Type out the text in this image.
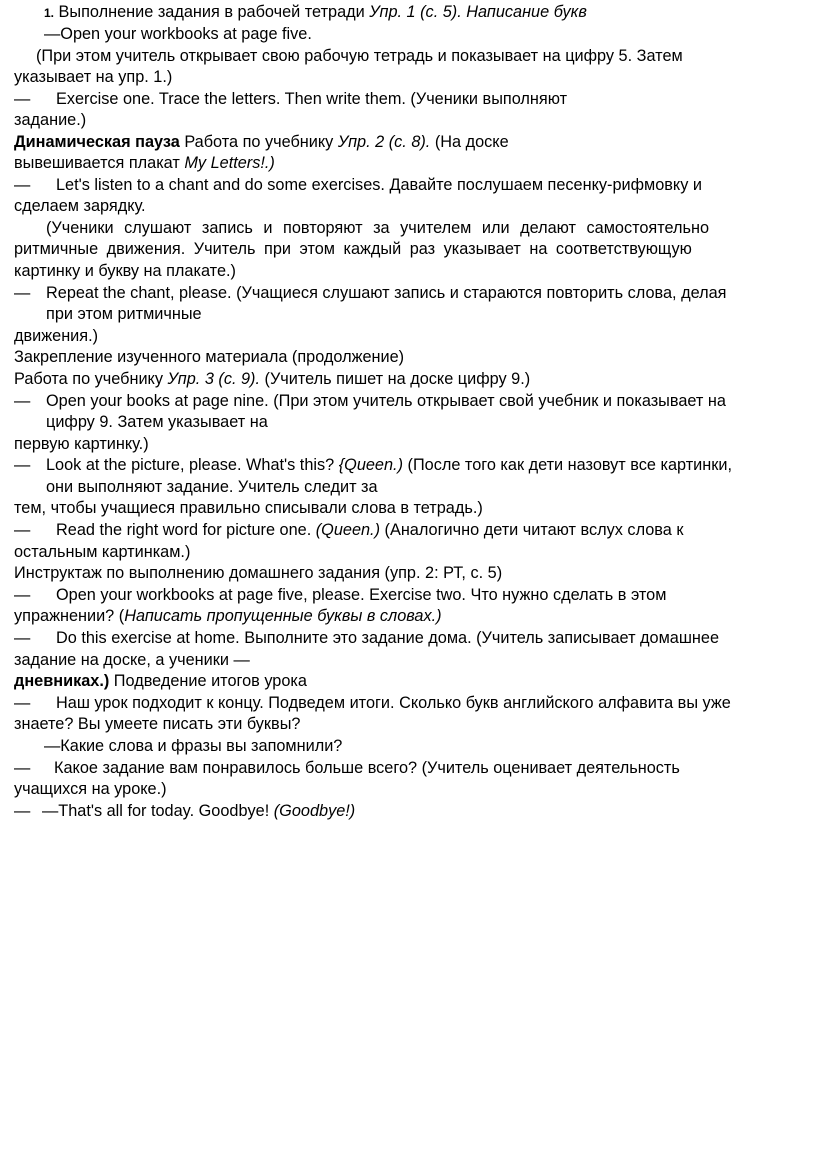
1. Выполнение задания в рабочей тетради Упр. 1 (с. 5). Написание букв
—Open your workbooks at page five.
(При этом учитель открывает свою рабочую тетрадь и показывает на цифру 5. Затем
указывает на упр. 1.)
— Exercise one. Trace the letters. Then write them. (Ученики выполняют
задание.)
Динамическая пауза Работа по учебнику Упр. 2 (с. 8). (На доске
вывешивается плакат My Letters!.)
— Let's listen to a chant and do some exercises. Давайте послушаем песенку-рифмовку и
сделаем зарядку.
(Ученики слушают запись и повторяют за учителем или делают самостоятельно
ритмичные движения. Учитель при этом каждый раз указывает на соответствующую
картинку и букву на плакате.)
— Repeat the chant, please. (Учащиеся слушают запись и стараются повторить слова, делая
при этом ритмичные
движения.)
Закрепление изученного материала (продолжение)
Работа по учебнику Упр. 3 (с. 9). (Учитель пишет на доске цифру 9.)
— Open your books at page nine. (При этом учитель открывает свой учебник и показывает на
цифру 9. Затем указывает на
первую картинку.)
— Look at the picture, please. What's this? {Queen.) (После того как дети назовут все картинки,
они выполняют задание. Учитель следит за
тем, чтобы учащиеся правильно списывали слова в тетрадь.)
— Read the right word for picture one. (Queen.) (Аналогично дети читают вслух слова к
остальным картинкам.)
Инструктаж по выполнению домашнего задания (упр. 2: РТ, с. 5)
— Open your workbooks at page five, please. Exercise two. Что нужно сделать в этом
упражнении? (Написать пропущенные буквы в словах.)
— Do this exercise at home. Выполните это задание дома. (Учитель записывает домашнее
задание на доске, а ученики —
дневниках.) Подведение итогов урока
— Наш урок подходит к концу. Подведем итоги. Сколько букв английского алфавита вы уже
знаете? Вы умеете писать эти буквы?
—Какие слова и фразы вы запомнили?
— Какое задание вам понравилось больше всего? (Учитель оценивает деятельность
учащихся на уроке.)
— —That's all for today. Goodbye! (Goodbye!)
